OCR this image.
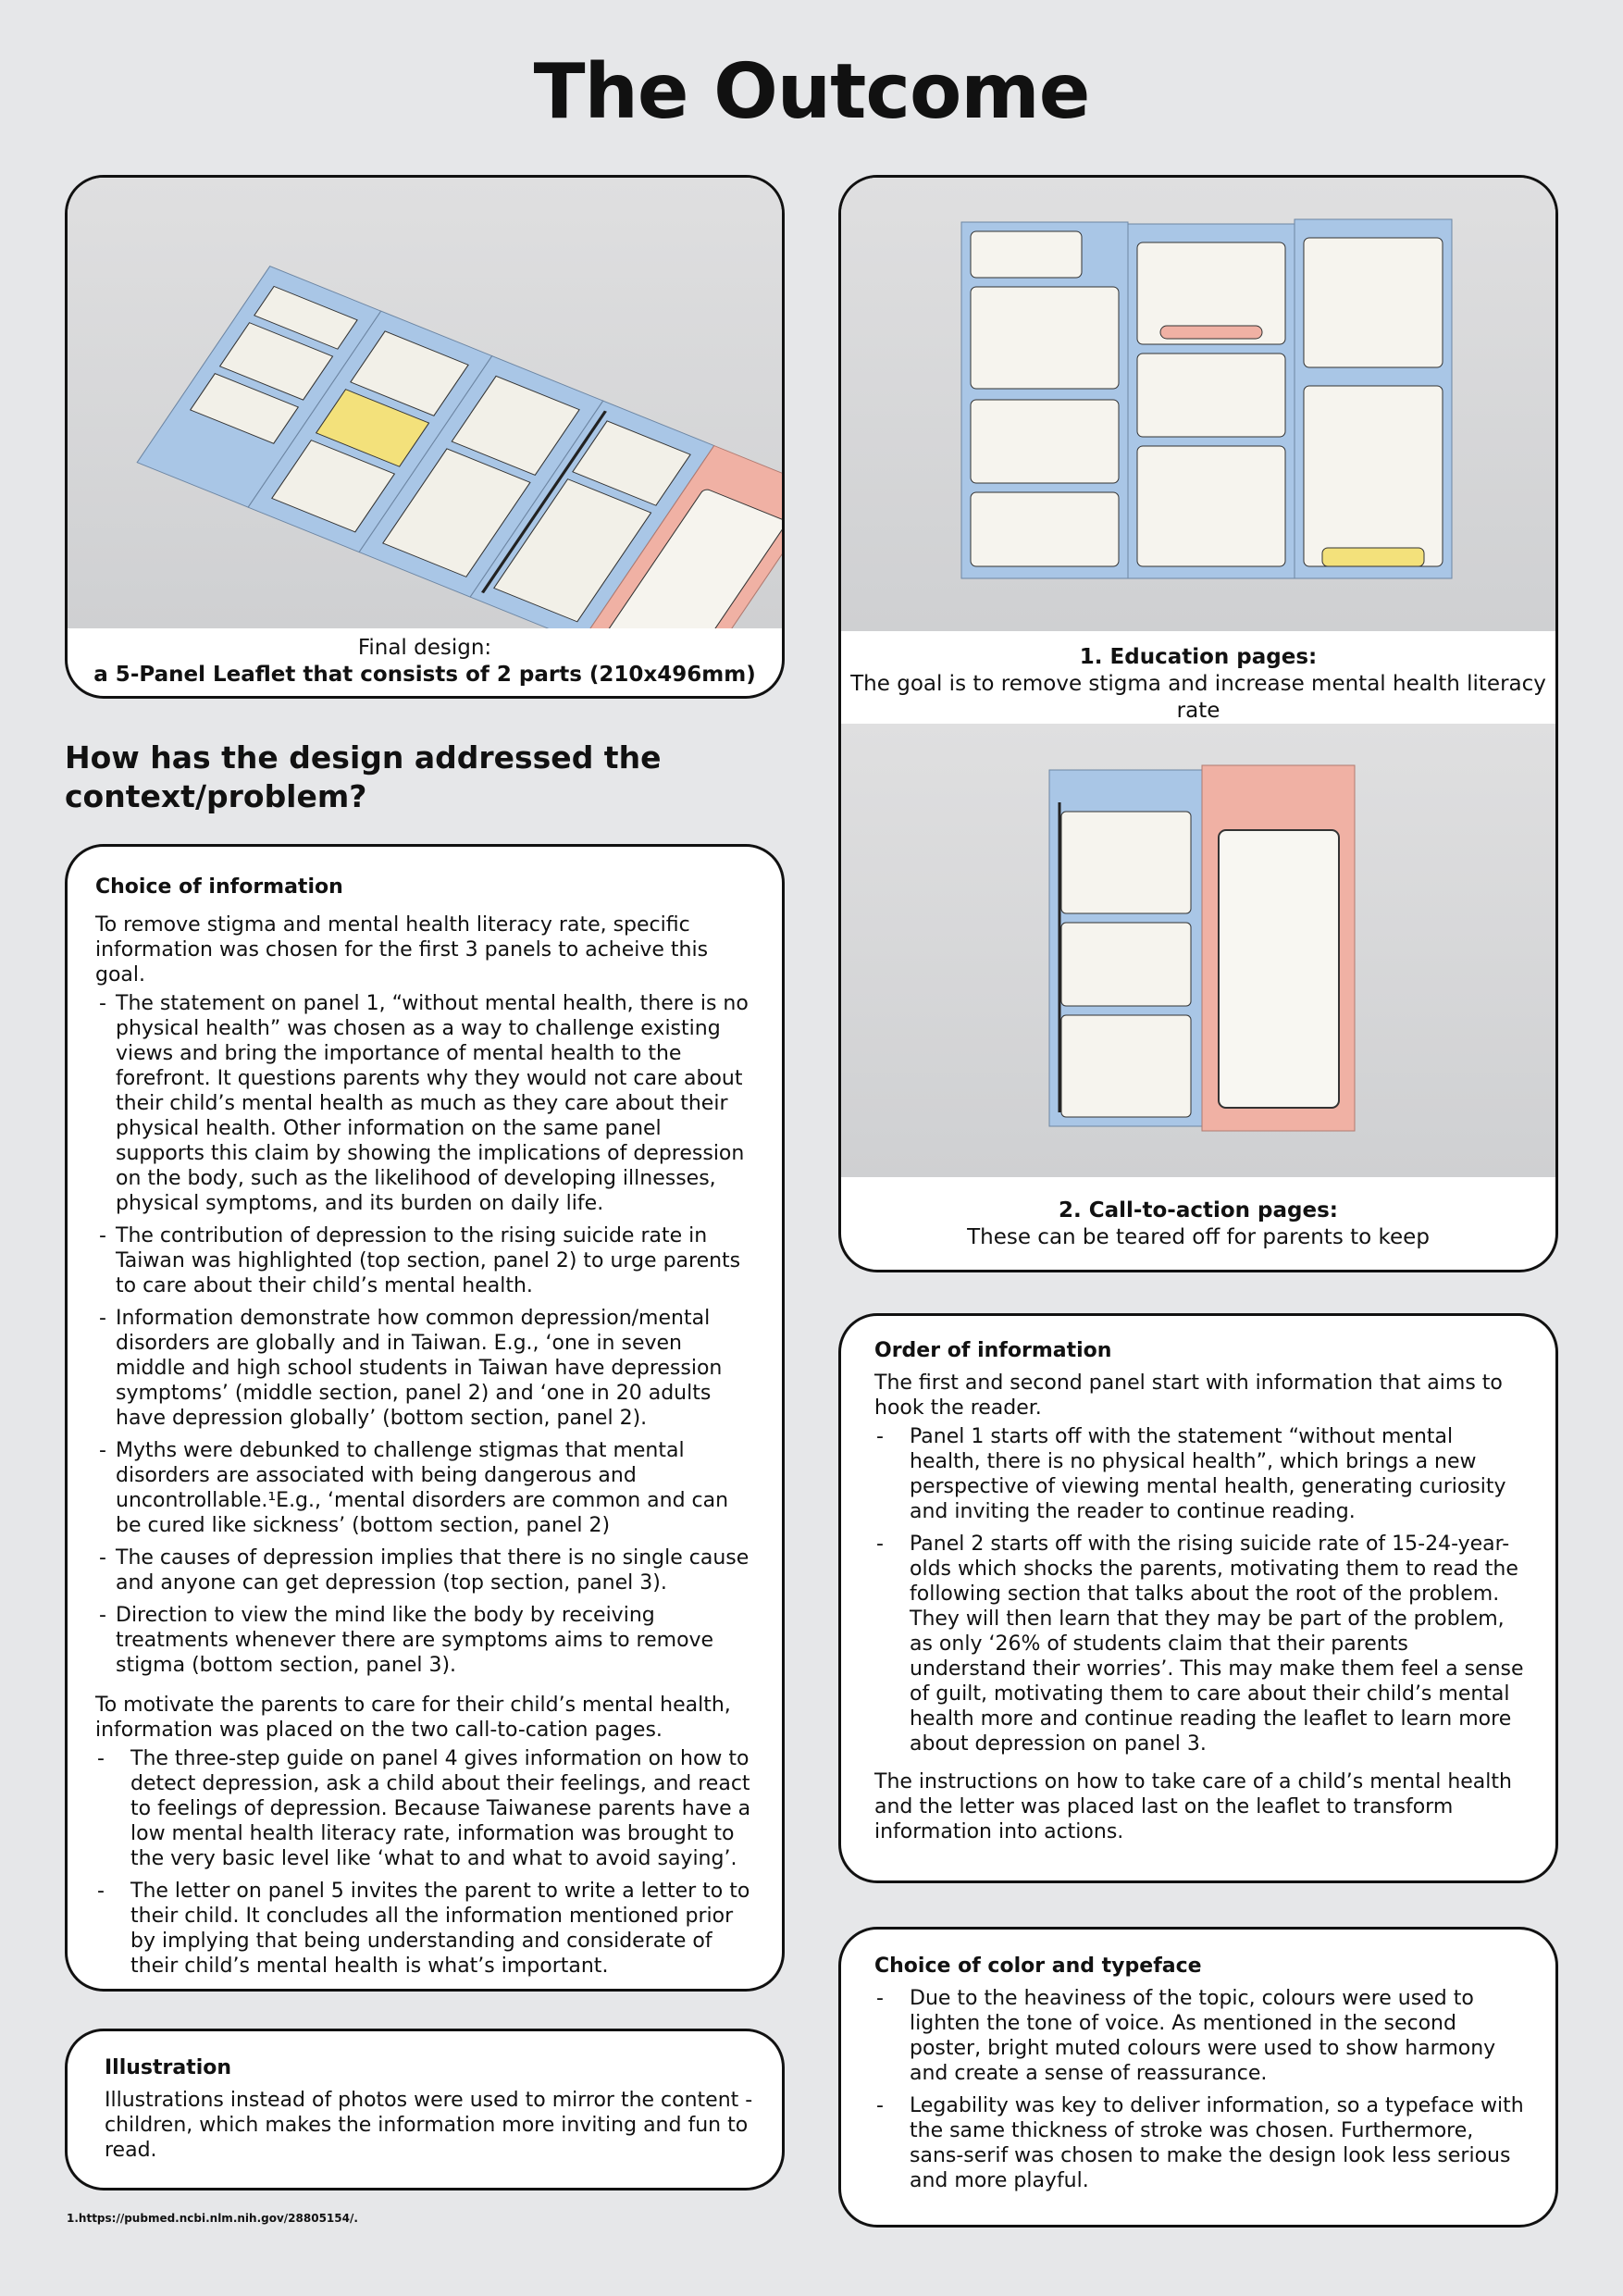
The Outcome
Final design:
a 5-Panel Leaflet that consists of 2 parts (210x496mm)
1. Education pages:
The goal is to remove stigma and increase mental health literacy rate
2. Call-to-action pages:
These can be teared off for parents to keep
How has the design addressed the context/problem?
Choice of information
To remove stigma and mental health literacy rate, specific information was chosen for the first 3 panels to acheive this goal.
- The statement on panel 1, “without mental health, there is no physical health” was chosen as a way to challenge existing views and bring the importance of mental health to the forefront. It questions parents why they would not care about their child’s mental health as much as they care about their physical health. Other information on the same panel supports this claim by showing the implications of depression on the body, such as the likelihood of developing illnesses, physical symptoms, and its burden on daily life.
- The contribution of depression to the rising suicide rate in Taiwan was highlighted (top section, panel 2) to urge parents to care about their child’s mental health.
- Information demonstrate how common depression/mental disorders are globally and in Taiwan. E.g., ‘one in seven middle and high school students in Taiwan have depression symptoms’ (middle section, panel 2) and ‘one in 20 adults have depression globally’ (bottom section, panel 2).
- Myths were debunked to challenge stigmas that mental disorders are associated with being dangerous and uncontrollable.¹E.g., ‘mental disorders are common and can be cured like sickness’ (bottom section, panel 2)
- The causes of depression implies that there is no single cause and anyone can get depression (top section, panel 3).
- Direction to view the mind like the body by receiving treatments whenever there are symptoms aims to remove stigma (bottom section, panel 3).
To motivate the parents to care for their child’s mental health, information was placed on the two call-to-cation pages.
- The three-step guide on panel 4 gives information on how to detect depression, ask a child about their feelings, and react to feelings of depression. Because Taiwanese parents have a low mental health literacy rate, information was brought to the very basic level like ‘what to and what to avoid saying’.
- The letter on panel 5 invites the parent to write a letter to to their child. It concludes all the information mentioned prior by implying that being understanding and considerate of their child’s mental health is what’s important.
Illustration
Illustrations instead of photos were used to mirror the content - children, which makes the information more inviting and fun to read.
1.https://pubmed.ncbi.nlm.nih.gov/28805154/.
Order of information
The first and second panel start with information that aims to hook the reader.
- Panel 1 starts off with the statement “without mental health, there is no physical health”, which brings a new perspective of viewing mental health, generating curiosity and inviting the reader to continue reading.
- Panel 2 starts off with the rising suicide rate of 15-24-year-olds which shocks the parents, motivating them to read the following section that talks about the root of the problem. They will then learn that they may be part of the problem, as only ‘26% of students claim that their parents understand their worries’. This may make them feel a sense of guilt, motivating them to care about their child’s mental health more and continue reading the leaflet to learn more about depression on panel 3.
The instructions on how to take care of a child’s mental health and the letter was placed last on the leaflet to transform information into actions.
Choice of color and typeface
- Due to the heaviness of the topic, colours were used to lighten the tone of voice. As mentioned in the second poster, bright muted colours were used to show harmony and create a sense of reassurance.
- Legability was key to deliver information, so a typeface with the same thickness of stroke was chosen. Furthermore, sans-serif was chosen to make the design look less serious and more playful.
